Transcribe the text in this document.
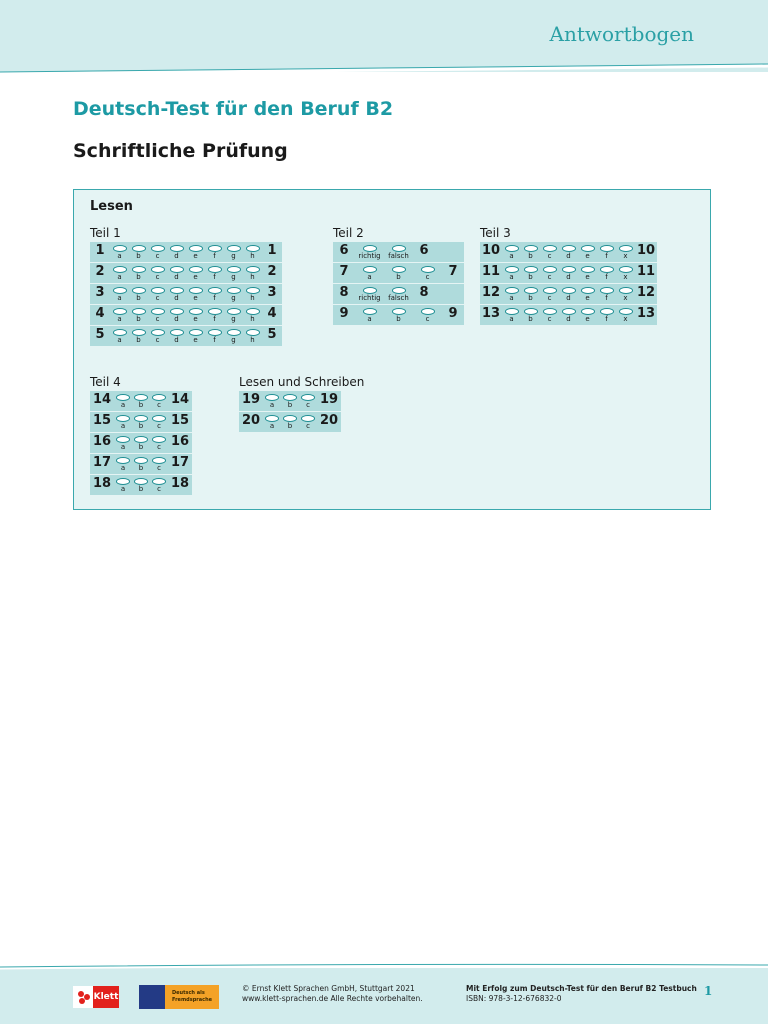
Antwortbogen
Deutsch-Test für den Beruf B2
Schriftliche Prüfung
Lesen
Teil 1
1	a b c d e f g h 1
2	a b c d e f g h 2
3	a b c d e f g h 3
4	a b c d e f g h 4
5	a b c d e f g h 5
Teil 2
6	richtig falsch 6
7	a	b	c	7
8	richtig falsch 8
9	a	b	c	9
Teil 3
10 a b c d e f x 10
11 a b c d e f x 11
12 a b c d e f x 12
13 a b c d e f x 13
Teil 4
14	a b c 14
15	a b c 15
16	a b c 16
17	a b c 17
18	a b c 18
Lesen und Schreiben
19	a b c 19
20	a b c 20
Klett	Deutsch als
Fremdsprache
© Ernst Klett Sprachen GmbH, Stuttgart 2021
www.klett-sprachen.de Alle Rechte vorbehalten.
Mit Erfolg zum Deutsch-Test für den Beruf B2 Testbuch
ISBN: 978-3-12-676832-0
1
